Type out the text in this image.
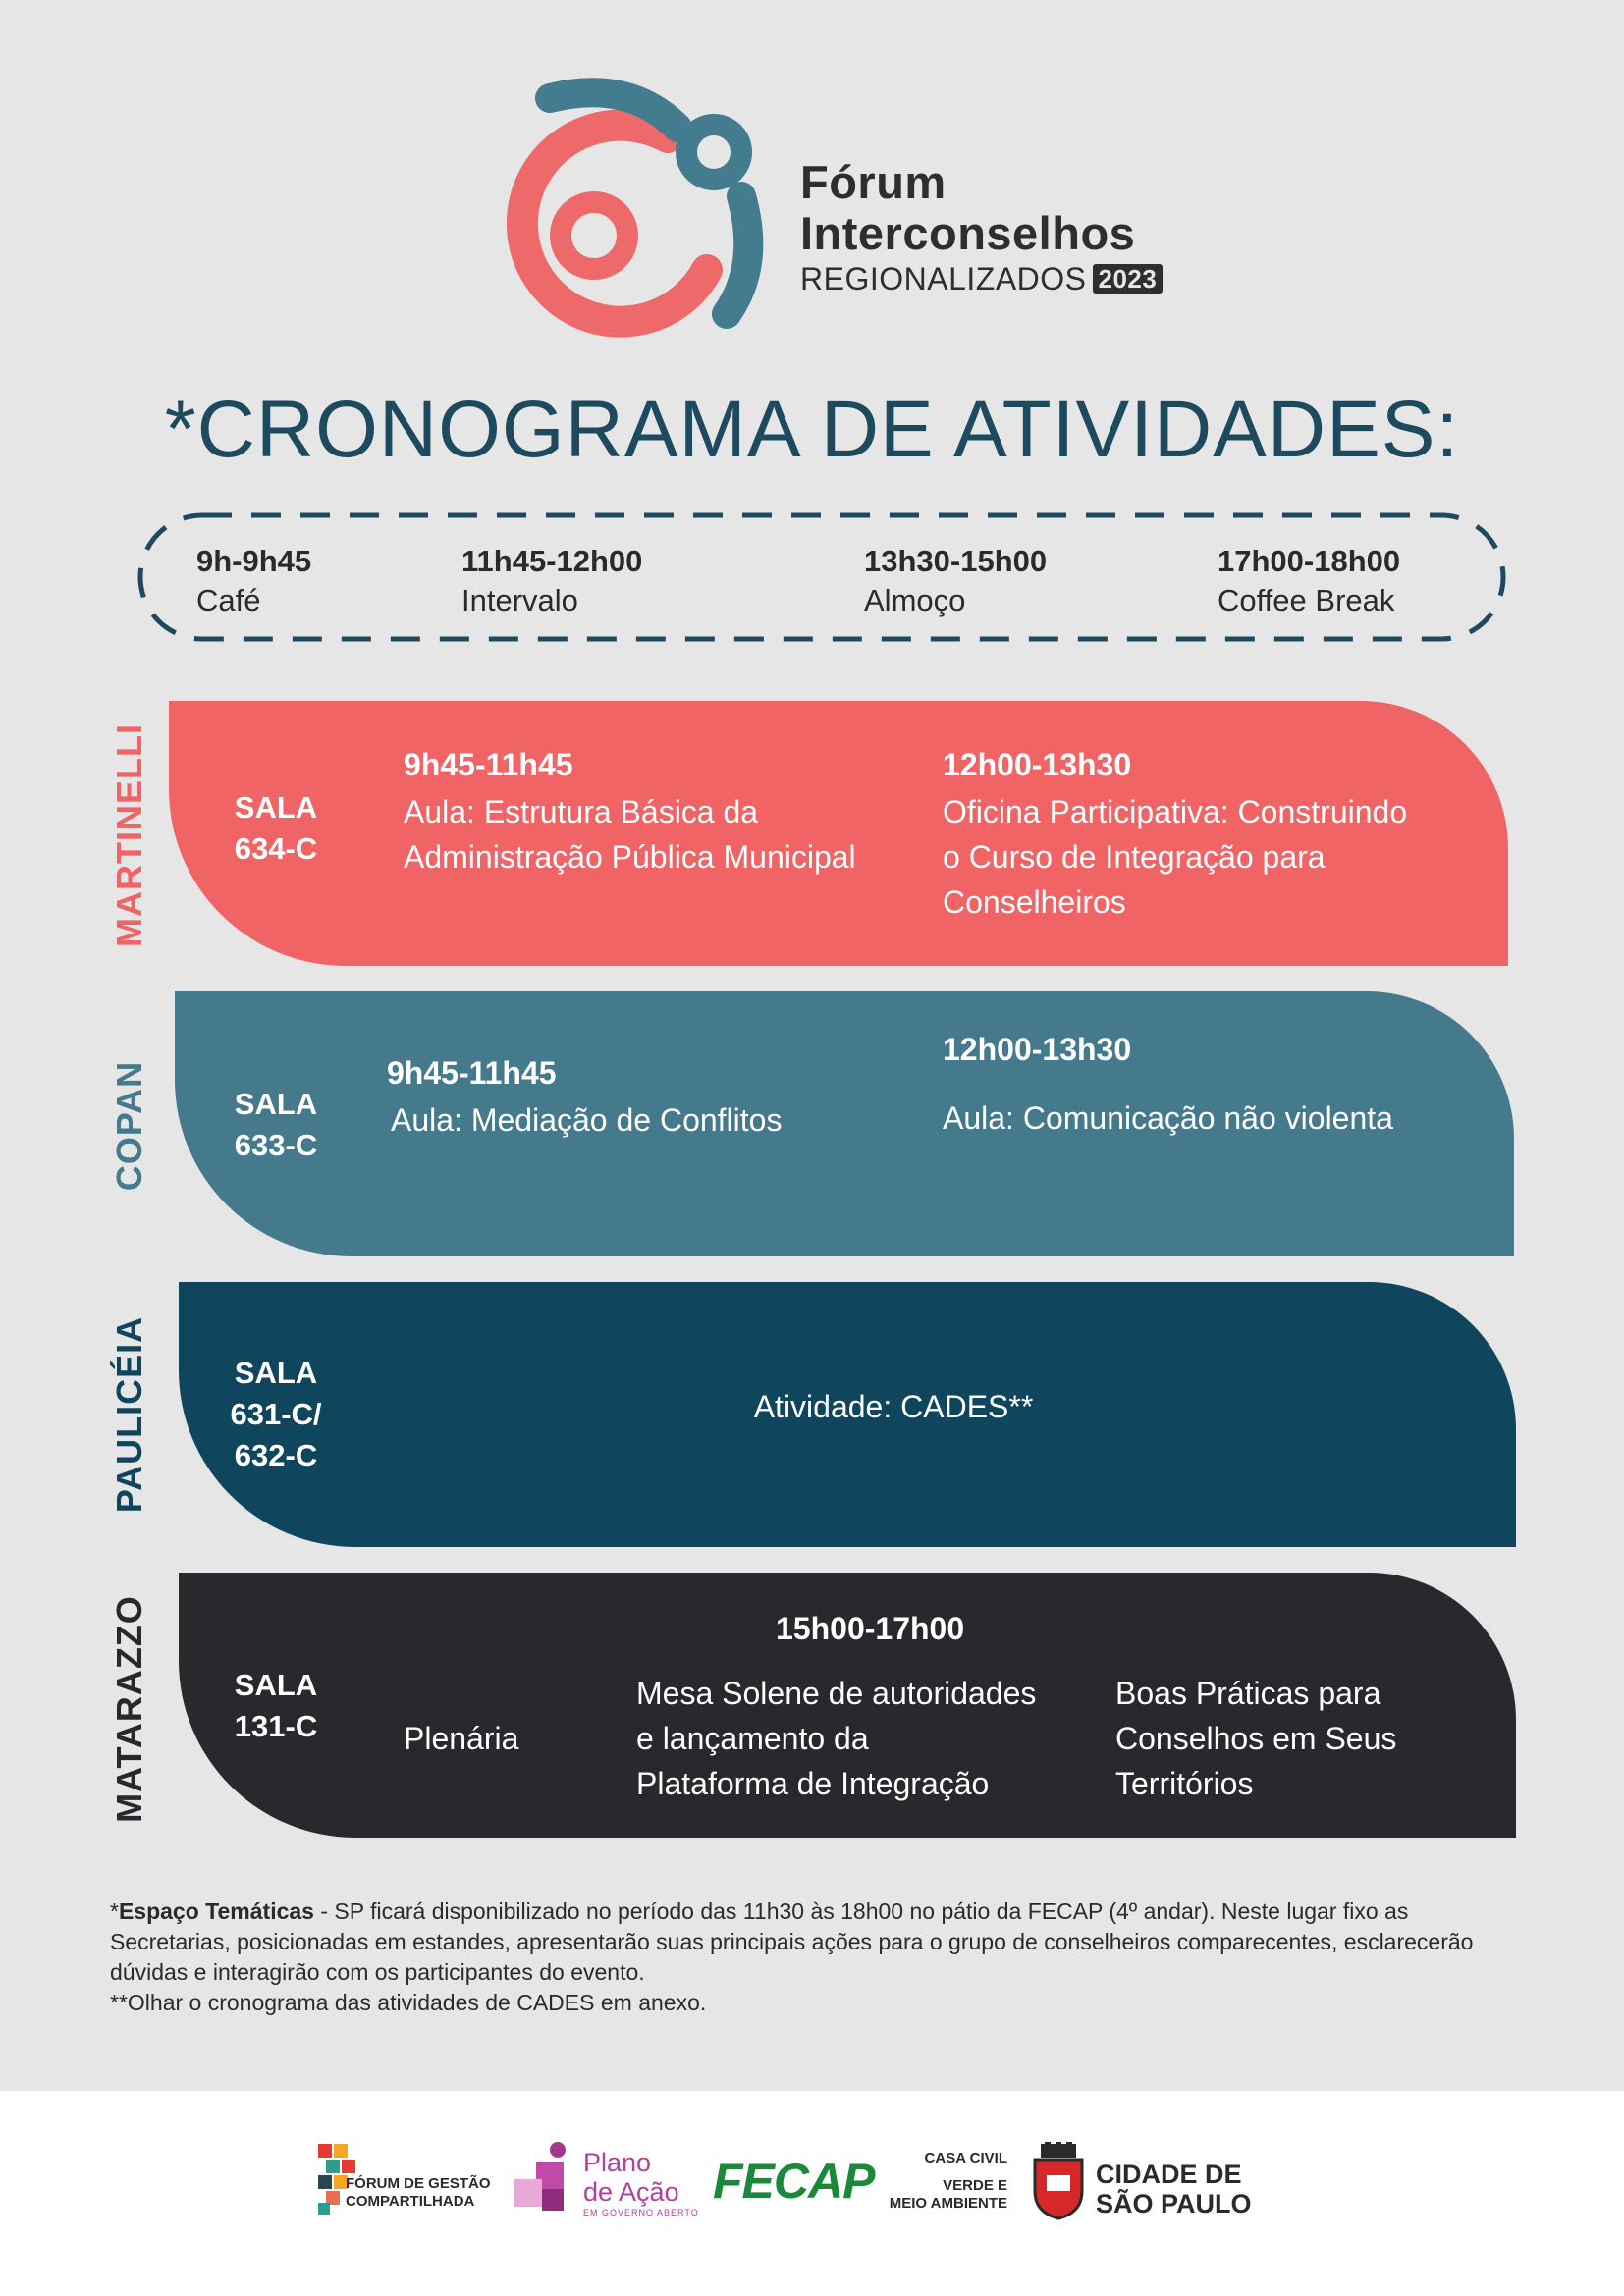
Fórum
Interconselhos
REGIONALIZADOS 2023
*CRONOGRAMA DE ATIVIDADES:
9h-9h45
Café
11h45-12h00
Intervalo
13h30-15h00
Almoço
17h00-18h00
Coffee Break
MARTINELLI	SALA
634-C
9h45-11h45
Aula: Estrutura Básica da
Administração Pública Municipal
12h00-13h30
Oficina Participativa: Construindo
o Curso de Integração para
Conselheiros
COPAN	SALA
633-C
9h45-11h45
Aula: Mediação de Conflitos
12h00-13h30
Aula: Comunicação não violenta
PAULICÉIA	SALA
631-C/
632-C
Atividade: CADES**
MATARAZZO	SALA
131-C
15h00-17h00
Plenária
Mesa Solene de autoridades
e lançamento da
Plataforma de Integração
Boas Práticas para
Conselhos em Seus
Territórios
*Espaço Temáticas - SP ficará disponibilizado no período das 11h30 às 18h00 no pátio da FECAP (4º andar). Neste lugar fixo as Secretarias, posicionadas em estandes, apresentarão suas principais ações para o grupo de conselheiros comparecentes, esclarecerão dúvidas e interagirão com os participantes do evento.
**Olhar o cronograma das atividades de CADES em anexo.
FÓRUM DE GESTÃO
COMPARTILHADA
Plano
de Ação
EM GOVERNO ABERTO
FECAP	CASA CIVIL
VERDE E
MEIO AMBIENTE
CIDADE DE
SÃO PAULO
